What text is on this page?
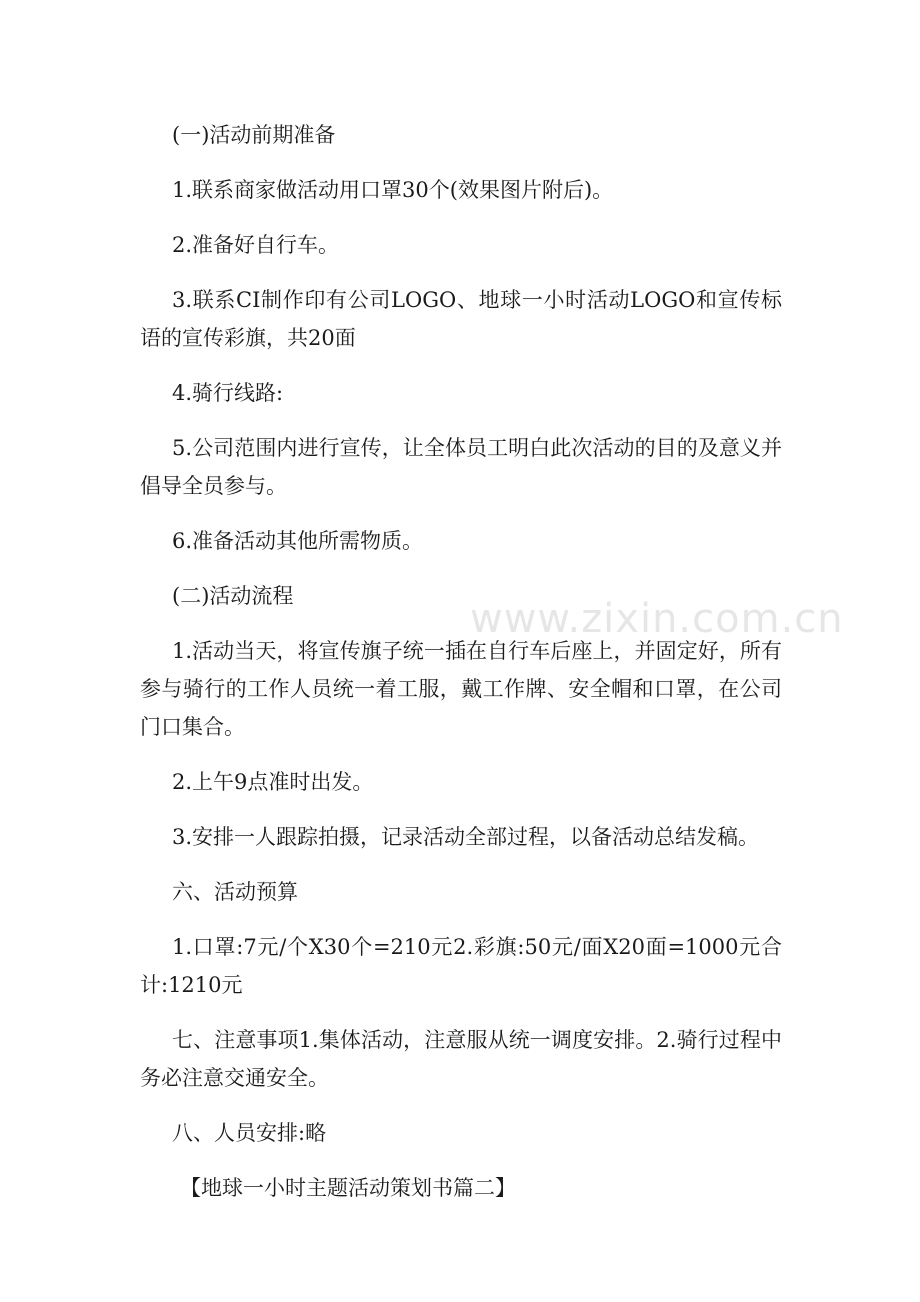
(一)活动前期准备

1.联系商家做活动用口罩30个(效果图片附后)。

2.准备好自行车。

3.联系CI制作印有公司LOGO、地球一小时活动LOGO和宣传标语的宣传彩旗，共20面

4.骑行线路:

5.公司范围内进行宣传，让全体员工明白此次活动的目的及意义并倡导全员参与。

6.准备活动其他所需物质。

(二)活动流程

1.活动当天，将宣传旗子统一插在自行车后座上，并固定好，所有参与骑行的工作人员统一着工服，戴工作牌、安全帽和口罩，在公司门口集合。

2.上午9点准时出发。

3.安排一人跟踪拍摄，记录活动全部过程，以备活动总结发稿。

六、活动预算

1.口罩:7元/个X30个=210元2.彩旗:50元/面X20面=1000元合计:1210元

七、注意事项1.集体活动，注意服从统一调度安排。2.骑行过程中务必注意交通安全。

八、人员安排:略

【地球一小时主题活动策划书篇二】

www.zixin.com.cn
